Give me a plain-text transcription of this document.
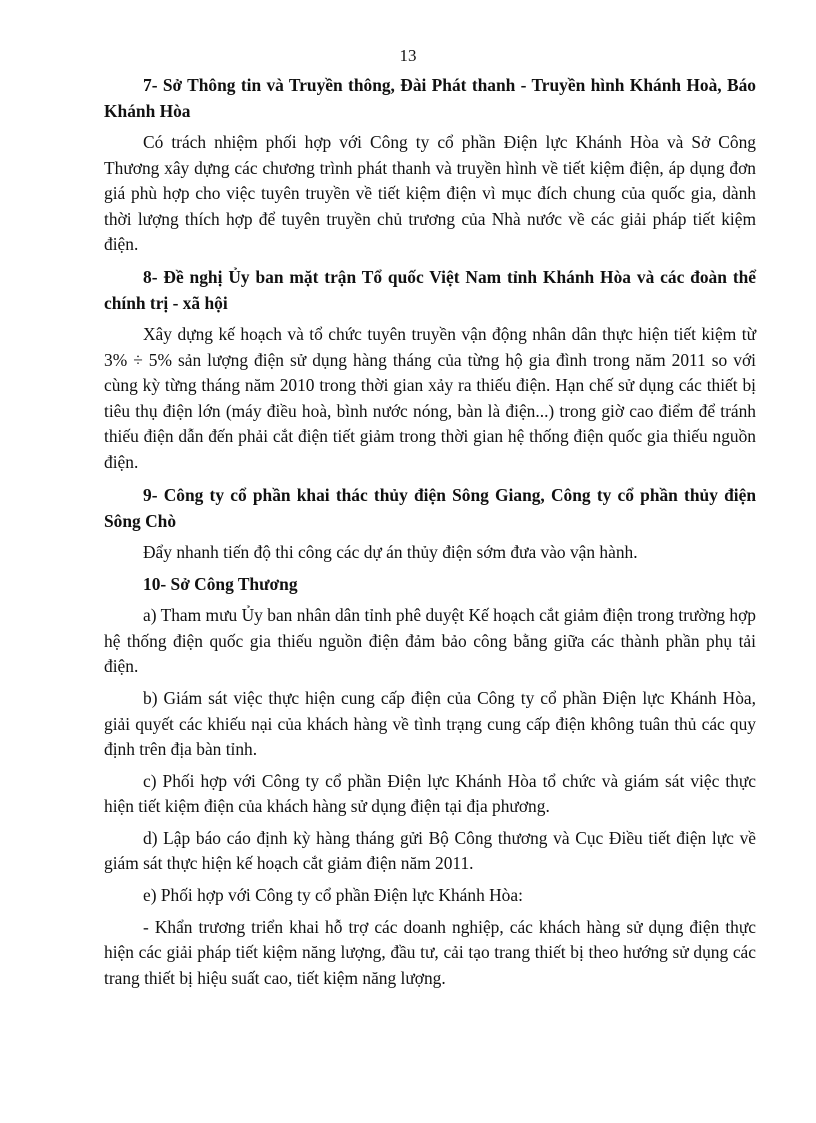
13

7- Sở Thông tin và Truyền thông, Đài Phát thanh - Truyền hình Khánh Hoà, Báo Khánh Hòa

Có trách nhiệm phối hợp với Công ty cổ phần Điện lực Khánh Hòa và Sở Công Thương xây dựng các chương trình phát thanh và truyền hình về tiết kiệm điện, áp dụng đơn giá phù hợp cho việc tuyên truyền về tiết kiệm điện vì mục đích chung của quốc gia, dành thời lượng thích hợp để tuyên truyền chủ trương của Nhà nước về các giải pháp tiết kiệm điện.

8- Đề nghị Ủy ban mặt trận Tổ quốc Việt Nam tỉnh Khánh Hòa và các đoàn thể chính trị - xã hội

Xây dựng kế hoạch và tổ chức tuyên truyền vận động nhân dân thực hiện tiết kiệm từ 3% ÷ 5% sản lượng điện sử dụng hàng tháng của từng hộ gia đình trong năm 2011 so với cùng kỳ từng tháng năm 2010 trong thời gian xảy ra thiếu điện. Hạn chế sử dụng các thiết bị tiêu thụ điện lớn (máy điều hoà, bình nước nóng, bàn là điện...) trong giờ cao điểm để tránh thiếu điện dẫn đến phải cắt điện tiết giảm trong thời gian hệ thống điện quốc gia thiếu nguồn điện.

9- Công ty cổ phần khai thác thủy điện Sông Giang, Công ty cổ phần thủy điện Sông Chò

Đẩy nhanh tiến độ thi công các dự án thủy điện sớm đưa vào vận hành.

10- Sở Công Thương

a) Tham mưu Ủy ban nhân dân tỉnh phê duyệt Kế hoạch cắt giảm điện trong trường hợp hệ thống điện quốc gia thiếu nguồn điện đảm bảo công bằng giữa các thành phần phụ tải điện.

b) Giám sát việc thực hiện cung cấp điện của Công ty cổ phần Điện lực Khánh Hòa, giải quyết các khiếu nại của khách hàng về tình trạng cung cấp điện không tuân thủ các quy định trên địa bàn tỉnh.

c) Phối hợp với Công ty cổ phần Điện lực Khánh Hòa tổ chức và giám sát việc thực hiện tiết kiệm điện của khách hàng sử dụng điện tại địa phương.

d) Lập báo cáo định kỳ hàng tháng gửi Bộ Công thương và Cục Điều tiết điện lực về giám sát thực hiện kế hoạch cắt giảm điện năm 2011.

e) Phối hợp với Công ty cổ phần Điện lực Khánh Hòa:

- Khẩn trương triển khai hỗ trợ các doanh nghiệp, các khách hàng sử dụng điện thực hiện các giải pháp tiết kiệm năng lượng, đầu tư, cải tạo trang thiết bị theo hướng sử dụng các trang thiết bị hiệu suất cao, tiết kiệm năng lượng.
